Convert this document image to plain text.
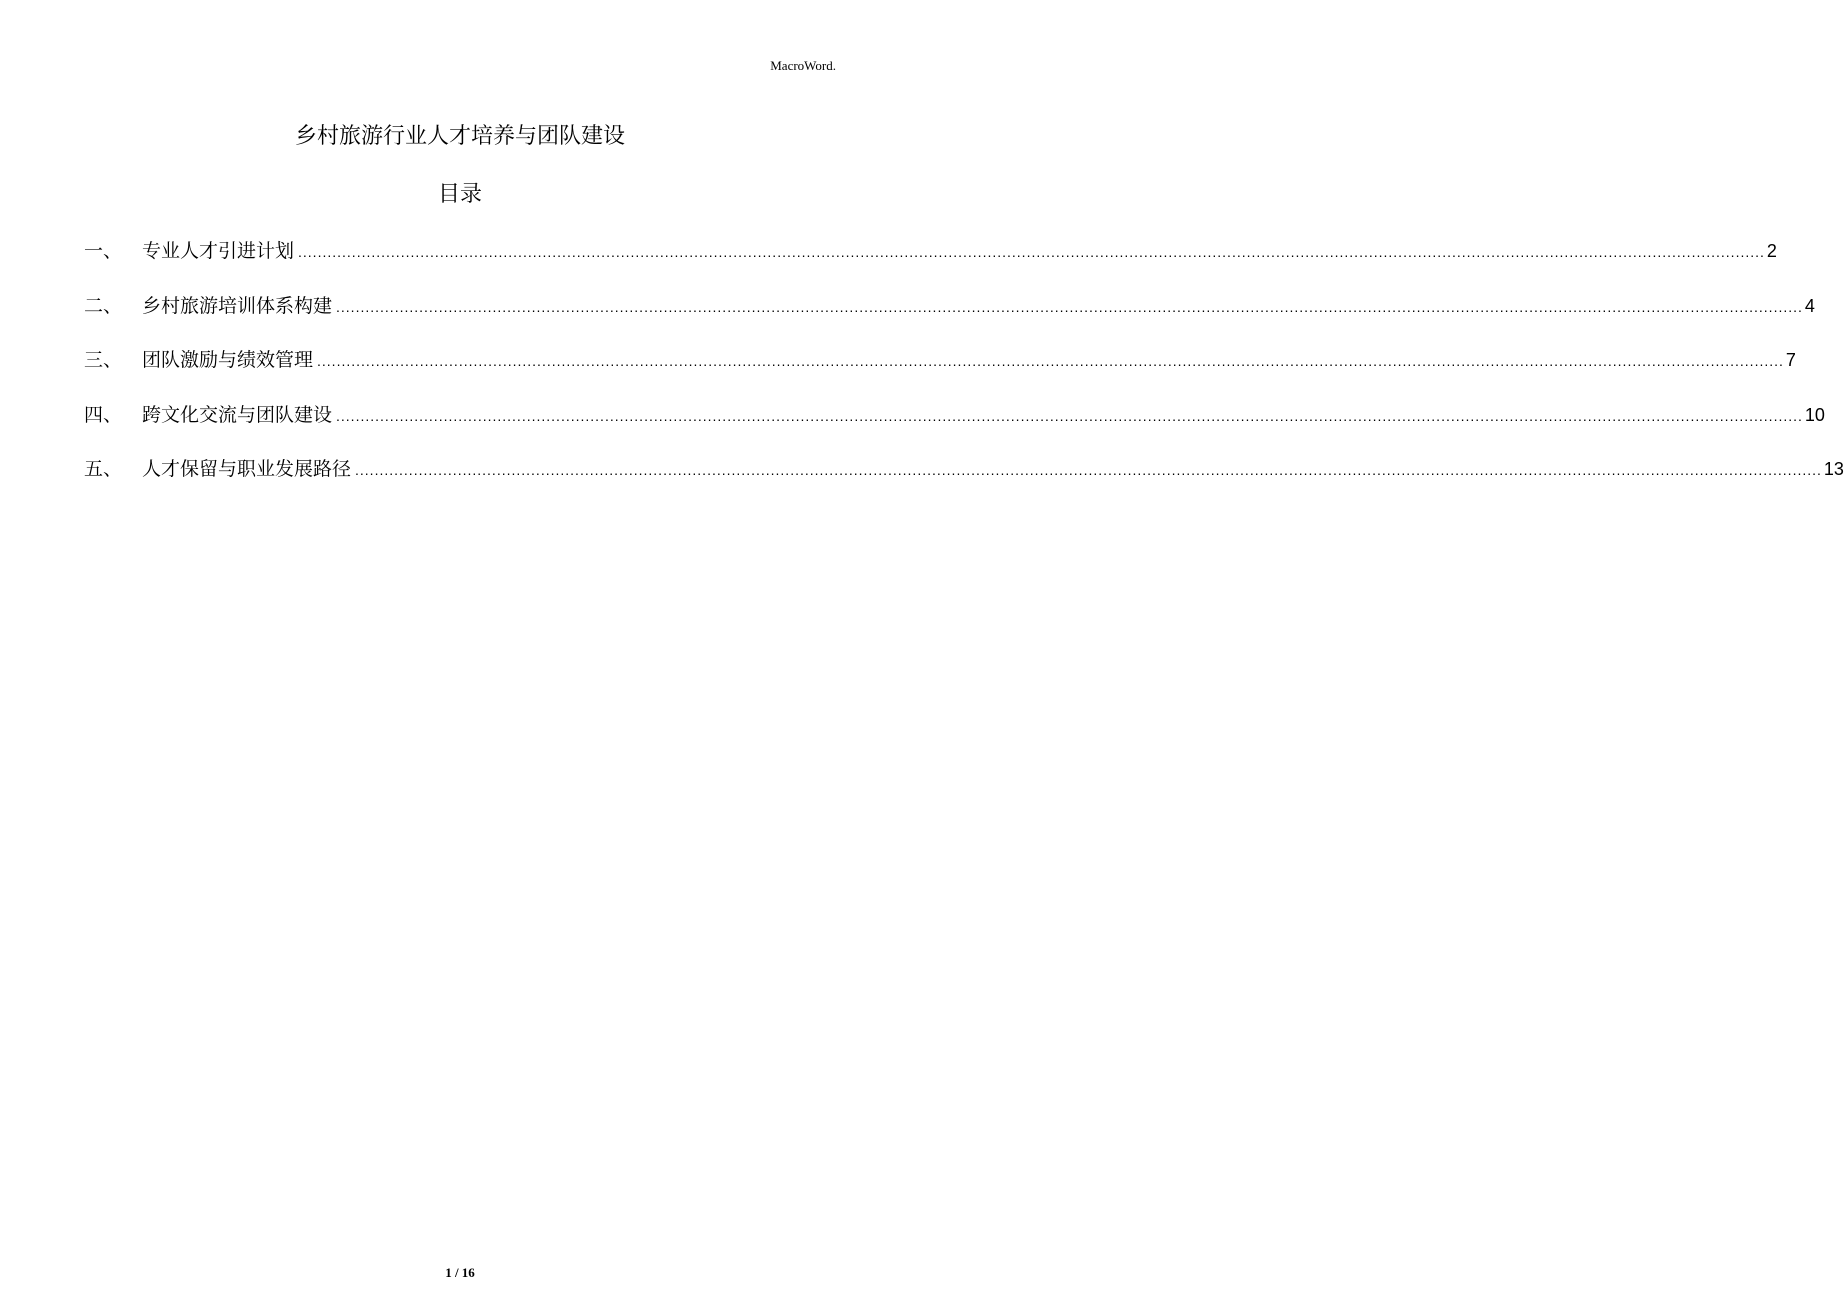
MacroWord.
乡村旅游行业人才培养与团队建设
目录
一、	专业人才引进计划 ............................................................................................................................................................................................................................................................................................................ 2
二、	乡村旅游培训体系构建 ............................................................................................................................................................................................................................................................................................................ 4
三、	团队激励与绩效管理 ............................................................................................................................................................................................................................................................................................................ 7
四、	跨文化交流与团队建设 ............................................................................................................................................................................................................................................................................................................ 10
五、	人才保留与职业发展路径 ............................................................................................................................................................................................................................................................................................................ 13
1 / 16
